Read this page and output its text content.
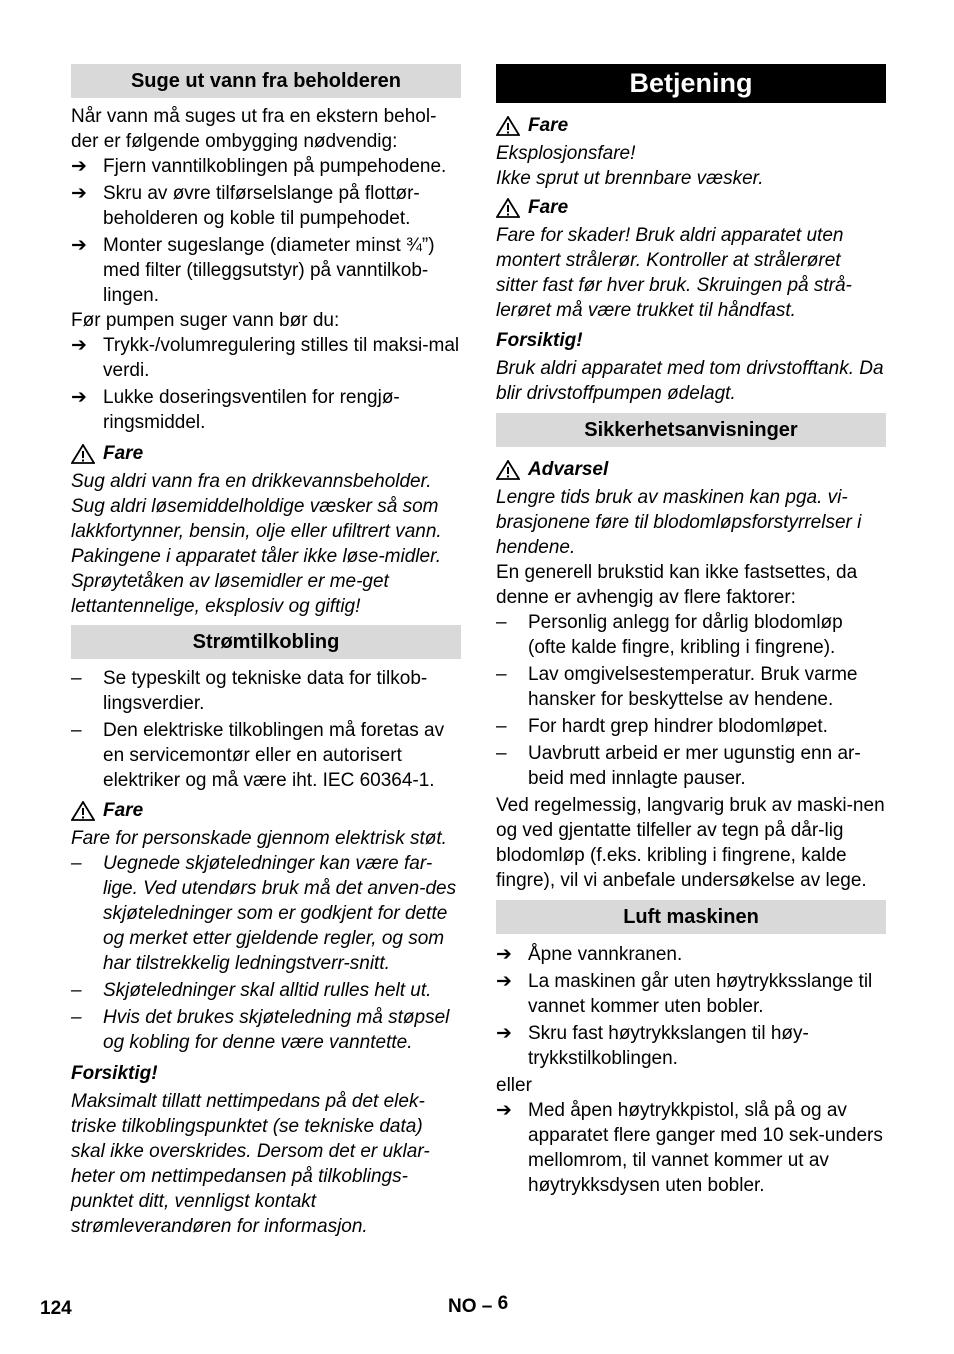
Suge ut vann fra beholderen

Når vann må suges ut fra en ekstern behol-der er følgende ombygging nødvendig:

➔ Fjern vanntilkoblingen på pumpehodene.
➔ Skru av øvre tilførselslange på flottør-beholderen og koble til pumpehodet.
➔ Monter sugeslange (diameter minst ¾”) med filter (tilleggsutstyr) på vanntilkob-lingen.

Før pumpen suger vann bør du:

➔ Trykk-/volumregulering stilles til maksi-mal verdi.
➔ Lukke doseringsventilen for rengjø-ringsmiddel.
Fare

Sug aldri vann fra en drikkevannsbeholder. Sug aldri løsemiddelholdige væsker så som lakkfortynner, bensin, olje eller ufiltrert vann. Pakingene i apparatet tåler ikke løse-midler. Sprøytetåken av løsemidler er me-get lettantennelige, eksplosiv og giftig!

Strømtilkobling
–	Se typeskilt og tekniske data for tilkob-lingsverdier.
–	Den elektriske tilkoblingen må foretas av en servicemontør eller en autorisert elektriker og må være iht. IEC 60364-1.
Fare

Fare for personskade gjennom elektrisk støt.

–	Uegnede skjøteledninger kan være far-lige. Ved utendørs bruk må det anven-des skjøteledninger som er godkjent for dette og merket etter gjeldende regler, og som har tilstrekkelig ledningstverr-snitt.
–	Skjøteledninger skal alltid rulles helt ut.
–	Hvis det brukes skjøteledning må støpsel og kobling for denne være vanntette.

Forsiktig!

Maksimalt tillatt nettimpedans på det elek-triske tilkoblingspunktet (se tekniske data) skal ikke overskrides. Dersom det er uklar-heter om nettimpedansen på tilkoblings-punktet ditt, vennligst kontakt strømleverandøren for informasjon.

Betjening
Fare

Eksplosjonsfare!
Ikke sprut ut brennbare væsker.

Fare

Fare for skader! Bruk aldri apparatet uten montert strålerør. Kontroller at strålerøret sitter fast før hver bruk. Skruingen på strå-lerøret må være trukket til håndfast.

Forsiktig!

Bruk aldri apparatet med tom drivstofftank. Da blir drivstoffpumpen ødelagt.

Sikkerhetsanvisninger
Advarsel

Lengre tids bruk av maskinen kan pga. vi-brasjonene føre til blodomløpsforstyrrelser i hendene.

En generell brukstid kan ikke fastsettes, da denne er avhengig av flere faktorer:

–	Personlig anlegg for dårlig blodomløp (ofte kalde fingre, kribling i fingrene).
–	Lav omgivelsestemperatur. Bruk varme hansker for beskyttelse av hendene.
–	For hardt grep hindrer blodomløpet.
–	Uavbrutt arbeid er mer ugunstig enn ar-beid med innlagte pauser.

Ved regelmessig, langvarig bruk av maski-nen og ved gjentatte tilfeller av tegn på dår-lig blodomløp (f.eks. kribling i fingrene, kalde fingre), vil vi anbefale undersøkelse av lege.

Luft maskinen
➔ Åpne vannkranen.
➔ La maskinen går uten høytrykksslange til vannet kommer uten bobler.
➔ Skru fast høytrykkslangen til høy-trykkstilkoblingen.

eller

➔ Med åpen høytrykkpistol, slå på og av apparatet flere ganger med 10 sek-unders mellomrom, til vannet kommer ut av høytrykksdysen uten bobler.
124	NO – 6
